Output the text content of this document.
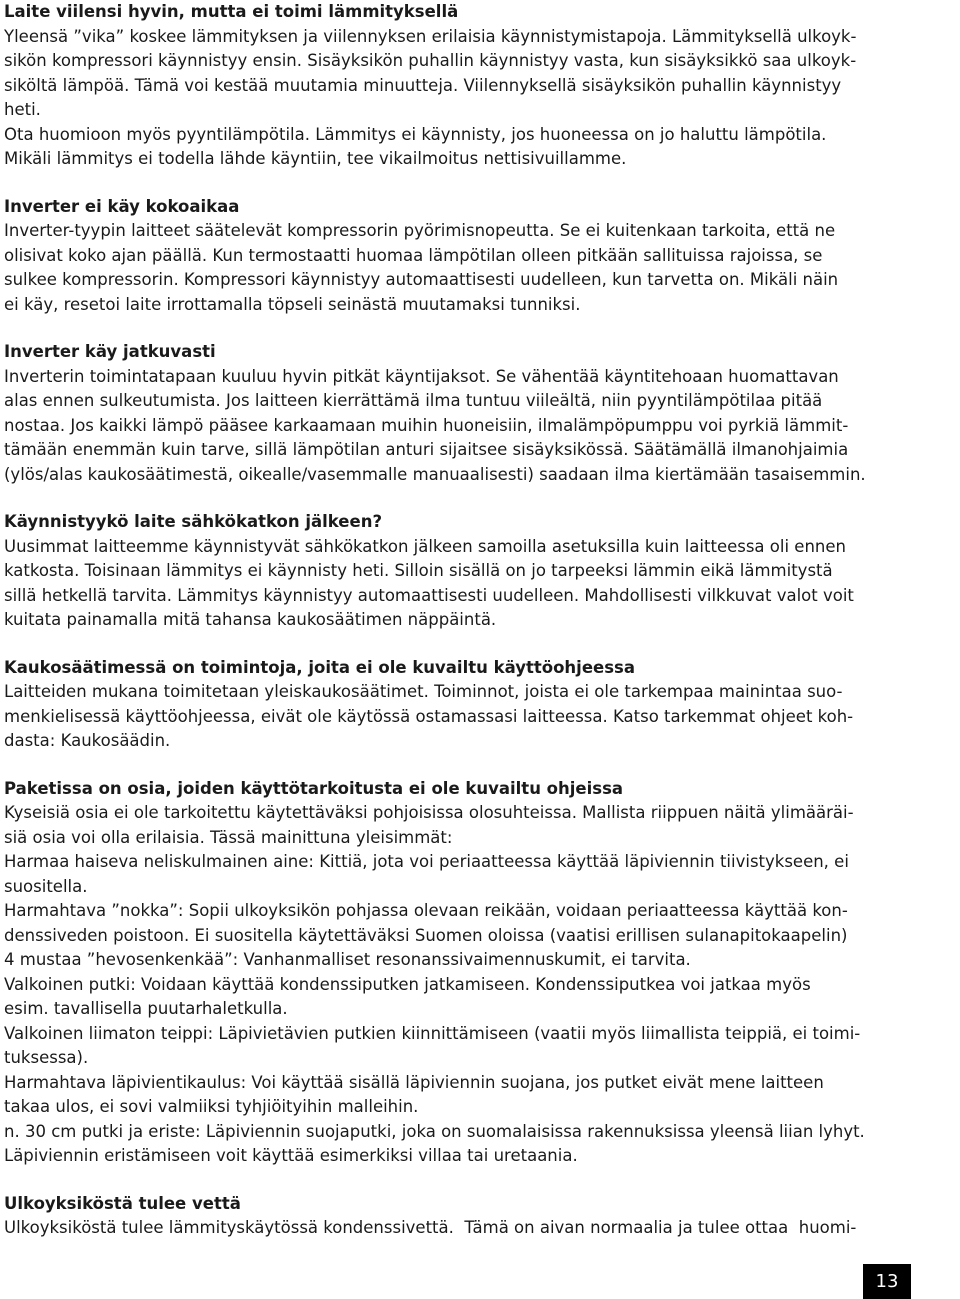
Laite viilensi hyvin, mutta ei toimi lämmityksellä

Yleensä ”vika” koskee lämmityksen ja viilennyksen erilaisia käynnistymistapoja. Lämmityksellä ulkoyk-

sikön kompressori käynnistyy ensin. Sisäyksikön puhallin käynnistyy vasta, kun sisäyksikkö saa ulkoyk-

siköltä lämpöä. Tämä voi kestää muutamia minuutteja. Viilennyksellä sisäyksikön puhallin käynnistyy

heti.

Ota huomioon myös pyyntilämpötila. Lämmitys ei käynnisty, jos huoneessa on jo haluttu lämpötila.

Mikäli lämmitys ei todella lähde käyntiin, tee vikailmoitus nettisivuillamme.

Inverter ei käy kokoaikaa

Inverter-tyypin laitteet säätelevät kompressorin pyörimisnopeutta. Se ei kuitenkaan tarkoita, että ne

olisivat koko ajan päällä. Kun termostaatti huomaa lämpötilan olleen pitkään sallituissa rajoissa, se

sulkee kompressorin. Kompressori käynnistyy automaattisesti uudelleen, kun tarvetta on. Mikäli näin

ei käy, resetoi laite irrottamalla töpseli seinästä muutamaksi tunniksi.

Inverter käy jatkuvasti

Inverterin toimintatapaan kuuluu hyvin pitkät käyntijaksot. Se vähentää käyntitehoaan huomattavan

alas ennen sulkeutumista. Jos laitteen kierrättämä ilma tuntuu viileältä, niin pyyntilämpötilaa pitää

nostaa. Jos kaikki lämpö pääsee karkaamaan muihin huoneisiin, ilmalämpöpumppu voi pyrkiä lämmit-

tämään enemmän kuin tarve, sillä lämpötilan anturi sijaitsee sisäyksikössä. Säätämällä ilmanohjaimia

(ylös/alas kaukosäätimestä, oikealle/vasemmalle manuaalisesti) saadaan ilma kiertämään tasaisemmin.

Käynnistyykö laite sähkökatkon jälkeen?

Uusimmat laitteemme käynnistyvät sähkökatkon jälkeen samoilla asetuksilla kuin laitteessa oli ennen

katkosta. Toisinaan lämmitys ei käynnisty heti. Silloin sisällä on jo tarpeeksi lämmin eikä lämmitystä

sillä hetkellä tarvita. Lämmitys käynnistyy automaattisesti uudelleen. Mahdollisesti vilkkuvat valot voit

kuitata painamalla mitä tahansa kaukosäätimen näppäintä.

Kaukosäätimessä on toimintoja, joita ei ole kuvailtu käyttöohjeessa

Laitteiden mukana toimitetaan yleiskaukosäätimet. Toiminnot, joista ei ole tarkempaa mainintaa suo-

menkielisessä käyttöohjeessa, eivät ole käytössä ostamassasi laitteessa. Katso tarkemmat ohjeet koh-

dasta: Kaukosäädin.

Paketissa on osia, joiden käyttötarkoitusta ei ole kuvailtu ohjeissa

Kyseisiä osia ei ole tarkoitettu käytettäväksi pohjoisissa olosuhteissa. Mallista riippuen näitä ylimääräi-

siä osia voi olla erilaisia. Tässä mainittuna yleisimmät:

Harmaa haiseva neliskulmainen aine: Kittiä, jota voi periaatteessa käyttää läpiviennin tiivistykseen, ei

suositella.

Harmahtava ”nokka”: Sopii ulkoyksikön pohjassa olevaan reikään, voidaan periaatteessa käyttää kon-

denssiveden poistoon. Ei suositella käytettäväksi Suomen oloissa (vaatisi erillisen sulanapitokaapelin)

4 mustaa ”hevosenkenkää”: Vanhanmalliset resonanssivaimennuskumit, ei tarvita.

Valkoinen putki: Voidaan käyttää kondenssiputken jatkamiseen. Kondenssiputkea voi jatkaa myös

esim. tavallisella puutarhaletkulla.

Valkoinen liimaton teippi: Läpivietävien putkien kiinnittämiseen (vaatii myös liimallista teippiä, ei toimi-

tuksessa).

Harmahtava läpivientikaulus: Voi käyttää sisällä läpiviennin suojana, jos putket eivät mene laitteen

takaa ulos, ei sovi valmiiksi tyhjiöityihin malleihin.

n. 30 cm putki ja eriste: Läpiviennin suojaputki, joka on suomalaisissa rakennuksissa yleensä liian lyhyt.

Läpiviennin eristämiseen voit käyttää esimerkiksi villaa tai uretaania.

Ulkoyksiköstä tulee vettä

Ulkoyksiköstä tulee lämmityskäytössä kondenssivettä.  Tämä on aivan normaalia ja tulee ottaa  huomi-

13
